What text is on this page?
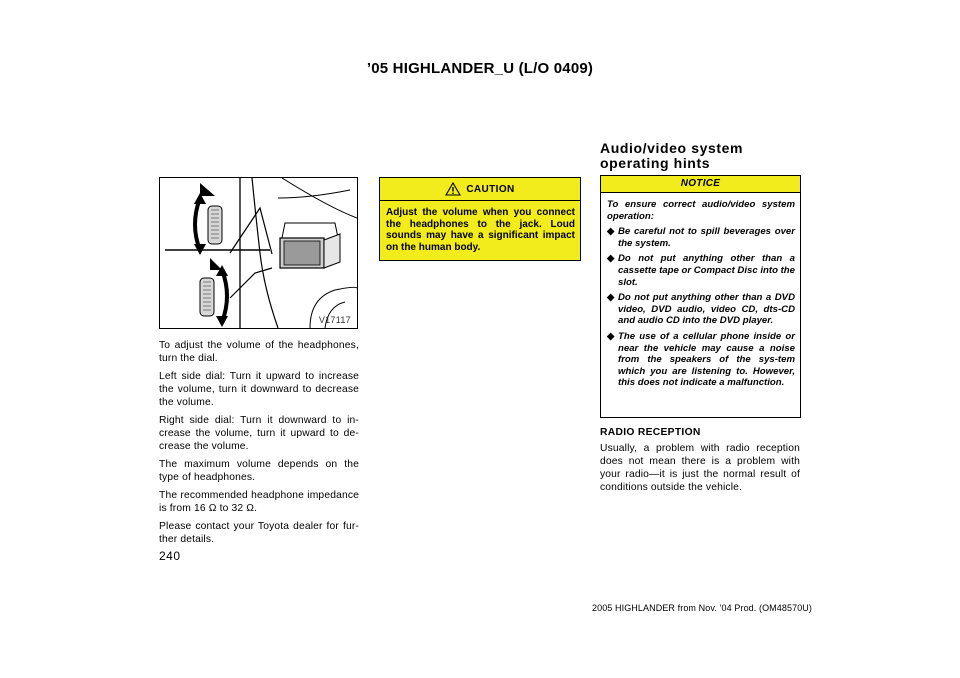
’05 HIGHLANDER_U (L/O 0409)
Audio/video system operating hints
V17117

To adjust the volume of the headphones, turn the dial.

Left side dial: Turn it upward to increase the volume, turn it downward to decrease the volume.

Right side dial: Turn it downward to in-crease the volume, turn it upward to de-crease the volume.

The maximum volume depends on the type of headphones.

The recommended headphone impedance is from 16 Ω to 32 Ω.

Please contact your Toyota dealer for fur-ther details.

CAUTION
Adjust the volume when you connect the headphones to the jack. Loud sounds may have a significant impact on the human body.
NOTICE
To ensure correct audio/video system operation:
◆ Be careful not to spill beverages over the system.
◆ Do not put anything other than a cassette tape or Compact Disc into the slot.
◆ Do not put anything other than a DVD video, DVD audio, video CD, dts-CD and audio CD into the DVD player.
◆ The use of a cellular phone inside or near the vehicle may cause a noise from the speakers of the sys-tem which you are listening to. However, this does not indicate a malfunction.
RADIO RECEPTION

Usually, a problem with radio reception does not mean there is a problem with your radio—it is just the normal result of conditions outside the vehicle.

240
2005 HIGHLANDER from Nov. ’04 Prod. (OM48570U)
